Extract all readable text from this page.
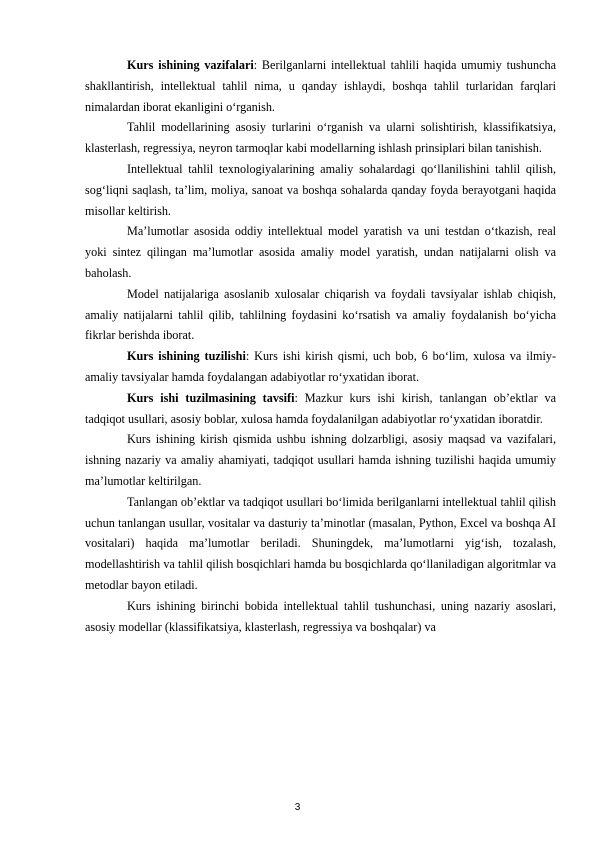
Kurs ishining vazifalari: Berilganlarni intellektual tahlili haqida umumiy tushuncha shakllantirish, intellektual tahlil nima, u qanday ishlaydi, boshqa tahlil turlaridan farqlari nimalardan iborat ekanligini o‘rganish.

Tahlil modellarining asosiy turlarini o‘rganish va ularni solishtirish, klassifikatsiya, klasterlash, regressiya, neyron tarmoqlar kabi modellarning ishlash prinsiplari bilan tanishish.

Intellektual tahlil texnologiyalarining amaliy sohalardagi qo‘llanilishini tahlil qilish, sog‘liqni saqlash, ta’lim, moliya, sanoat va boshqa sohalarda qanday foyda berayotgani haqida misollar keltirish.

Ma’lumotlar asosida oddiy intellektual model yaratish va uni testdan o‘tkazish, real yoki sintez qilingan ma’lumotlar asosida amaliy model yaratish, undan natijalarni olish va baholash.

Model natijalariga asoslanib xulosalar chiqarish va foydali tavsiyalar ishlab chiqish, amaliy natijalarni tahlil qilib, tahlilning foydasini ko‘rsatish va amaliy foydalanish bo‘yicha fikrlar berishda iborat.

Kurs ishining tuzilishi: Kurs ishi kirish qismi, uch bob, 6 bo‘lim, xulosa va ilmiy-amaliy tavsiyalar hamda foydalangan adabiyotlar ro‘yxatidan iborat.

Kurs ishi tuzilmasining tavsifi: Mazkur kurs ishi kirish, tanlangan ob’ektlar va tadqiqot usullari, asosiy boblar, xulosa hamda foydalanilgan adabiyotlar ro‘yxatidan iboratdir.

Kurs ishining kirish qismida ushbu ishning dolzarbligi, asosiy maqsad va vazifalari, ishning nazariy va amaliy ahamiyati, tadqiqot usullari hamda ishning tuzilishi haqida umumiy ma’lumotlar keltirilgan.

Tanlangan ob’ektlar va tadqiqot usullari bo‘limida berilganlarni intellektual tahlil qilish uchun tanlangan usullar, vositalar va dasturiy ta’minotlar (masalan, Python, Excel va boshqa AI vositalari) haqida ma’lumotlar beriladi. Shuningdek, ma’lumotlarni yig‘ish, tozalash, modellashtirish va tahlil qilish bosqichlari hamda bu bosqichlarda qo‘llaniladigan algoritmlar va metodlar bayon etiladi.

Kurs ishining birinchi bobida intellektual tahlil tushunchasi, uning nazariy asoslari, asosiy modellar (klassifikatsiya, klasterlash, regressiya va boshqalar) va

3
